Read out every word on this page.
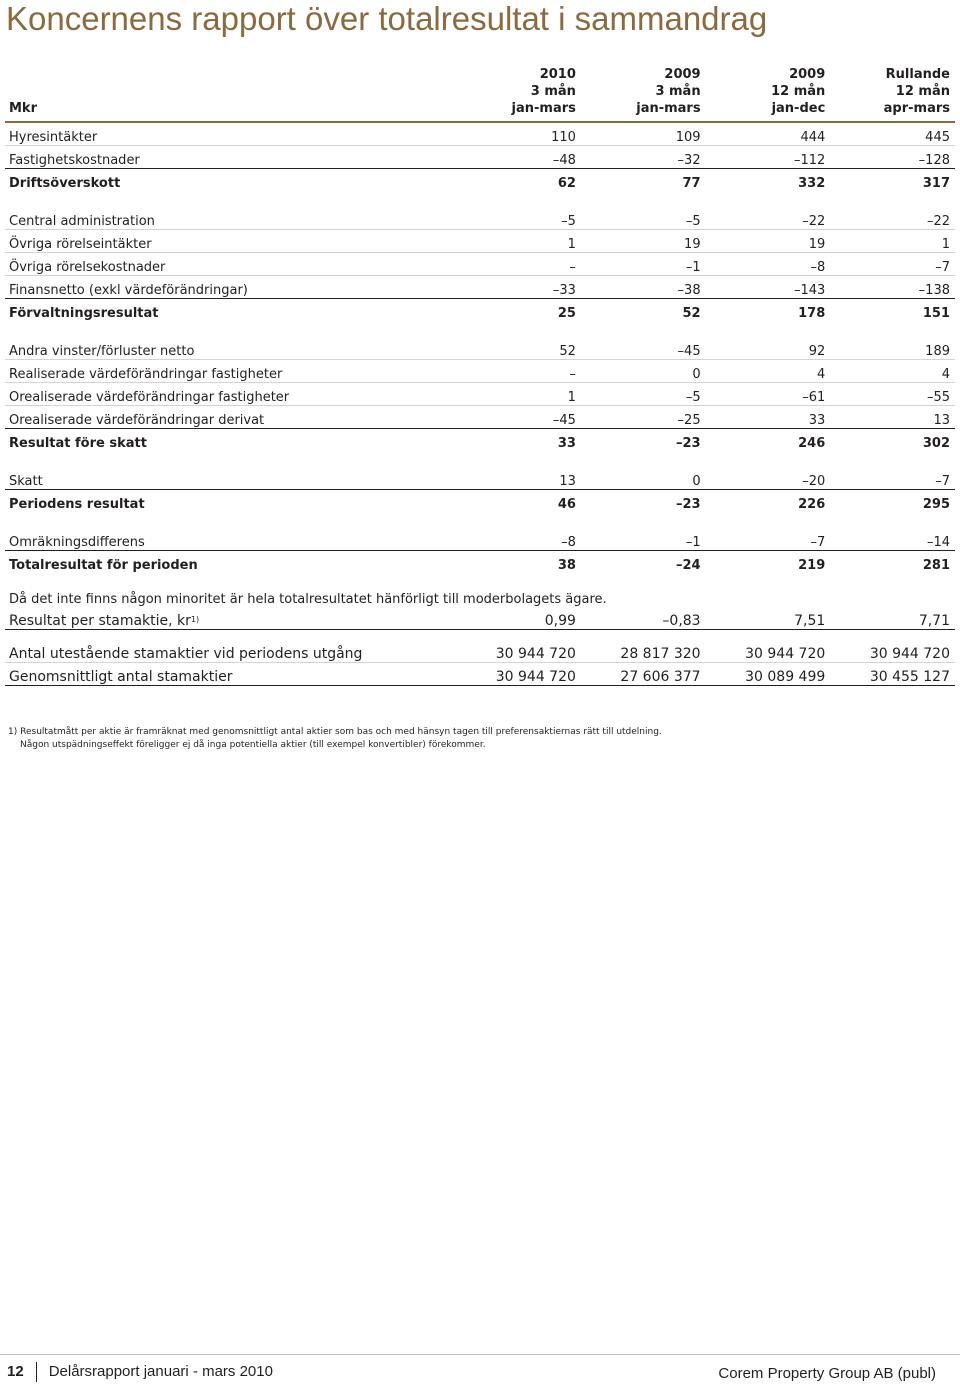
Koncernens rapport över totalresultat i sammandrag
Mkr	2010
3 mån
jan-mars	2009
3 mån
jan-mars	2009
12 mån
jan-dec	Rullande
12 mån
apr-mars
Hyresintäkter	110	109	444	445
Fastighetskostnader	–48	–32	–112	–128
Driftsöverskott	62	77	332	317

Central administration	–5	–5	–22	–22
Övriga rörelseintäkter	1	19	19	1
Övriga rörelsekostnader	–	–1	–8	–7
Finansnetto (exkl värdeförändringar)	–33	–38	–143	–138
Förvaltningsresultat	25	52	178	151

Andra vinster/förluster netto	52	–45	92	189
Realiserade värdeförändringar fastigheter	–	0	4	4
Orealiserade värdeförändringar fastigheter	1	–5	–61	–55
Orealiserade värdeförändringar derivat	–45	–25	33	13
Resultat före skatt	33	–23	246	302

Skatt	13	0	–20	–7
Periodens resultat	46	–23	226	295

Omräkningsdifferens	–8	–1	–7	–14
Totalresultat för perioden	38	–24	219	281

Då det inte finns någon minoritet är hela totalresultatet hänförligt till moderbolagets ägare.				
Resultat per stamaktie, $kr^{1)}$	0,99	–0,83	7,51	7,71

Antal utestående stamaktier vid periodens utgång	30 944 720	28 817 320	30 944 720	30 944 720
Genomsnittligt antal stamaktier	30 944 720	27 606 377	30 089 499	30 455 127
1) Resultatmått per aktie är framräknat med genomsnittligt antal aktier som bas och med hänsyn tagen till preferensaktiernas rätt till utdelning.
Någon utspädningseffekt föreligger ej då inga potentiella aktier (till exempel konvertibler) förekommer.
12 Delårsrapport januari - mars 2010	Corem Property Group AB (publ)
